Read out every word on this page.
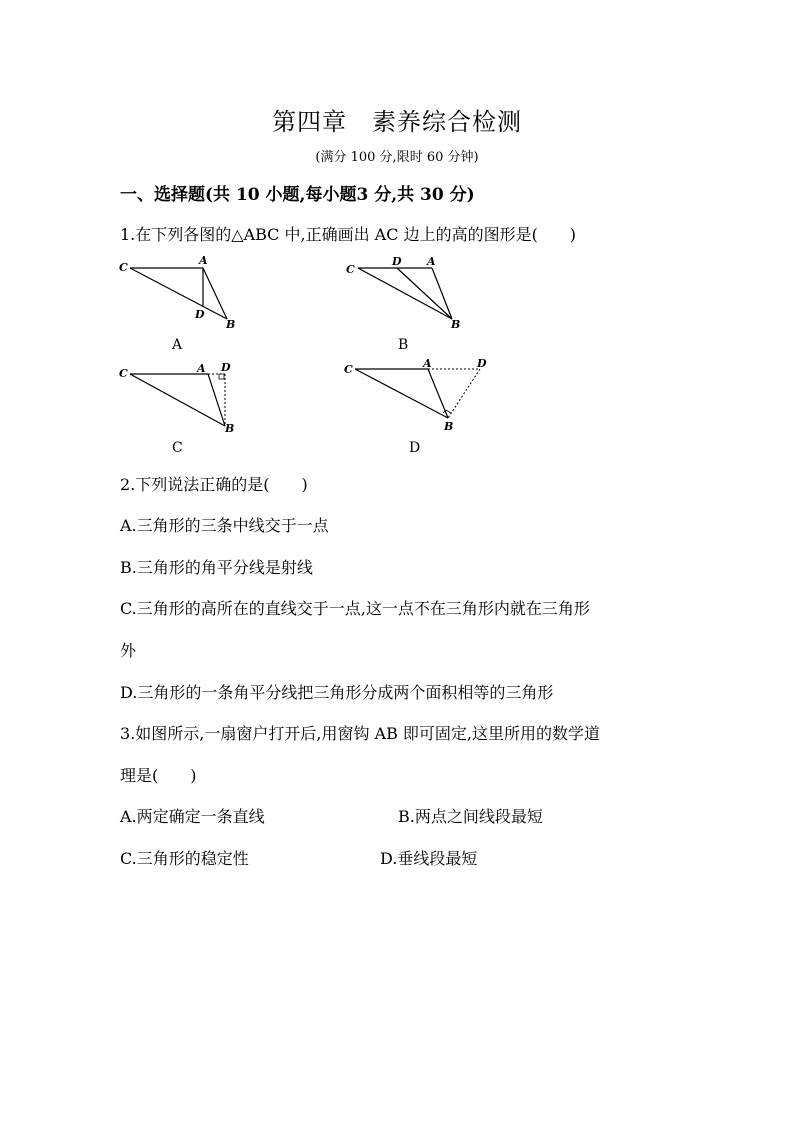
第四章　素养综合检测
(满分 100 分,限时 60 分钟)
一、选择题(共 10 小题,每小题3 分,共 30 分)
1.在下列各图的△ABC 中,正确画出 AC 边上的高的图形是(　　)
C
A
D
B
A
C
D A
B
B
C	A D
B
C
C	A	D
B
D
2.下列说法正确的是(　　)
A.三角形的三条中线交于一点
B.三角形的角平分线是射线
C.三角形的高所在的直线交于一点,这一点不在三角形内就在三角形
外
D.三角形的一条角平分线把三角形分成两个面积相等的三角形
3.如图所示,一扇窗户打开后,用窗钩 AB 即可固定,这里所用的数学道
理是(　　)
A.两定确定一条直线	B.两点之间线段最短
C.三角形的稳定性	D.垂线段最短
